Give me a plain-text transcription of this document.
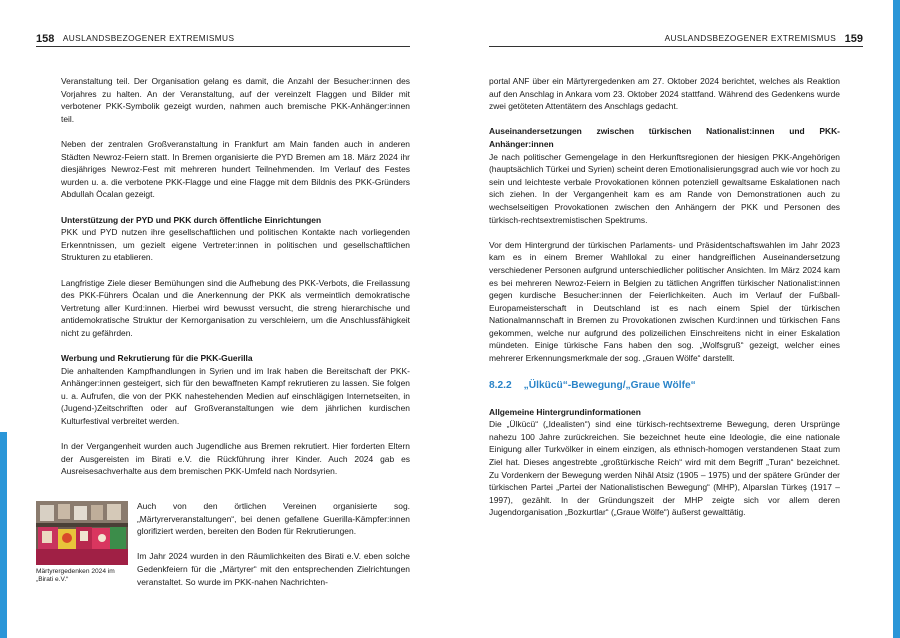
158 AUSLANDSBEZOGENER EXTREMISMUS

Veranstaltung teil. Der Organisation gelang es damit, die Anzahl der Besucher:innen des Vorjahres zu halten. An der Veranstaltung, auf der vereinzelt Flaggen und Bilder mit verbotener PKK-Symbolik gezeigt wurden, nahmen auch bremische PKK-Anhänger:innen teil.

Neben der zentralen Großveranstaltung in Frankfurt am Main fanden auch in anderen Städten Newroz-Feiern statt. In Bremen organisierte die PYD Bremen am 18. März 2024 ihr diesjähriges Newroz-Fest mit mehreren hundert Teilnehmenden. Im Verlauf des Festes wurden u. a. die verbotene PKK-Flagge und eine Flagge mit dem Bildnis des PKK-Gründers Abdullah Öcalan gezeigt.

Unterstützung der PYD und PKK durch öffentliche Einrichtungen

PKK und PYD nutzen ihre gesellschaftlichen und politischen Kontakte nach vorliegenden Erkenntnissen, um gezielt eigene Vertreter:innen in politischen und gesellschaftlichen Strukturen zu etablieren.

Langfristige Ziele dieser Bemühungen sind die Aufhebung des PKK-Verbots, die Freilassung des PKK-Führers Öcalan und die Anerkennung der PKK als vermeintlich demokratische Vertretung aller Kurd:innen. Hierbei wird bewusst versucht, die streng hierarchische und antidemokratische Struktur der Kernorganisation zu verschleiern, um die Anschlussfähigkeit nicht zu gefährden.

Werbung und Rekrutierung für die PKK-Guerilla

Die anhaltenden Kampfhandlungen in Syrien und im Irak haben die Bereitschaft der PKK-Anhänger:innen gesteigert, sich für den bewaffneten Kampf rekrutieren zu lassen. Sie folgen u. a. Aufrufen, die von der PKK nahestehenden Medien auf einschlägigen Internetseiten, in (Jugend-)Zeitschriften oder auf Großveranstaltungen wie dem jährlichen kurdischen Kulturfestival verbreitet werden.

In der Vergangenheit wurden auch Jugendliche aus Bremen rekrutiert. Hier forderten Eltern der Ausgereisten im Birati e.V. die Rückführung ihrer Kinder. Auch 2024 gab es Ausreisesachverhalte aus dem bremischen PKK-Umfeld nach Nordsyrien.

Märtyrergedenken 2024 im „Birati e.V.“

Auch von den örtlichen Vereinen organisierte sog. „Märtyrerveranstaltungen“, bei denen gefallene Guerilla-Kämpfer:innen glorifiziert werden, bereiten den Boden für Rekrutierungen.

Im Jahr 2024 wurden in den Räumlichkeiten des Birati e.V. eben solche Gedenkfeiern für die „Märtyrer“ mit den entsprechenden Zielrichtungen veranstaltet. So wurde im PKK-nahen Nachrichten-

AUSLANDSBEZOGENER EXTREMISMUS 159

portal ANF über ein Märtyrergedenken am 27. Oktober 2024 berichtet, welches als Reaktion auf den Anschlag in Ankara vom 23. Oktober 2024 stattfand. Während des Gedenkens wurde zwei getöteten Attentätern des Anschlags gedacht.

Auseinandersetzungen zwischen türkischen Nationalist:innen und PKK-Anhänger:innen

Je nach politischer Gemengelage in den Herkunftsregionen der hiesigen PKK-Angehörigen (hauptsächlich Türkei und Syrien) scheint deren Emotionalisierungsgrad auch wie vor hoch zu sein und leichteste verbale Provokationen können potenziell gewaltsame Eskalationen nach sich ziehen. In der Vergangenheit kam es am Rande von Demonstrationen auch zu wechselseitigen Provokationen zwischen den Anhängern der PKK und Personen des türkisch-rechtsextremistischen Spektrums.

Vor dem Hintergrund der türkischen Parlaments- und Präsidentschaftswahlen im Jahr 2023 kam es in einem Bremer Wahllokal zu einer handgreiflichen Auseinandersetzung verschiedener Personen aufgrund unterschiedlicher politischer Ansichten. Im März 2024 kam es bei mehreren Newroz-Feiern in Belgien zu tätlichen Angriffen türkischer Nationalist:innen gegen kurdische Besucher:innen der Feierlichkeiten. Auch im Verlauf der Fußball-Europameisterschaft in Deutschland ist es nach einem Spiel der türkischen Nationalmannschaft in Bremen zu Provokationen zwischen Kurd:innen und türkischen Fans gekommen, welche nur aufgrund des polizeilichen Einschreitens nicht in einer Eskalation mündeten. Einige türkische Fans haben den sog. „Wolfsgruß“ gezeigt, welcher eines mehrerer Erkennungsmerkmale der sog. „Grauen Wölfe“ darstellt.

8.2.2 „Ülkücü“-Bewegung/„Graue Wölfe“

Allgemeine Hintergrundinformationen

Die „Ülkücü“ („Idealisten“) sind eine türkisch-rechtsextreme Bewegung, deren Ursprünge nahezu 100 Jahre zurückreichen. Sie bezeichnet heute eine Ideologie, die eine nationale Einigung aller Turkvölker in einem einzigen, als ethnisch-homogen verstandenen Staat zum Ziel hat. Dieses angestrebte „großtürkische Reich“ wird mit dem Begriff „Turan“ bezeichnet. Zu Vordenkern der Bewegung werden Nihâl Atsiz (1905 – 1975) und der spätere Gründer der türkischen Partei „Partei der Nationalistischen Bewegung“ (MHP), Alparslan Türkeş (1917 – 1997), gezählt. In der Gründungszeit der MHP zeigte sich vor allem deren Jugendorganisation „Bozkurtlar“ („Graue Wölfe“) äußerst gewalttätig.
